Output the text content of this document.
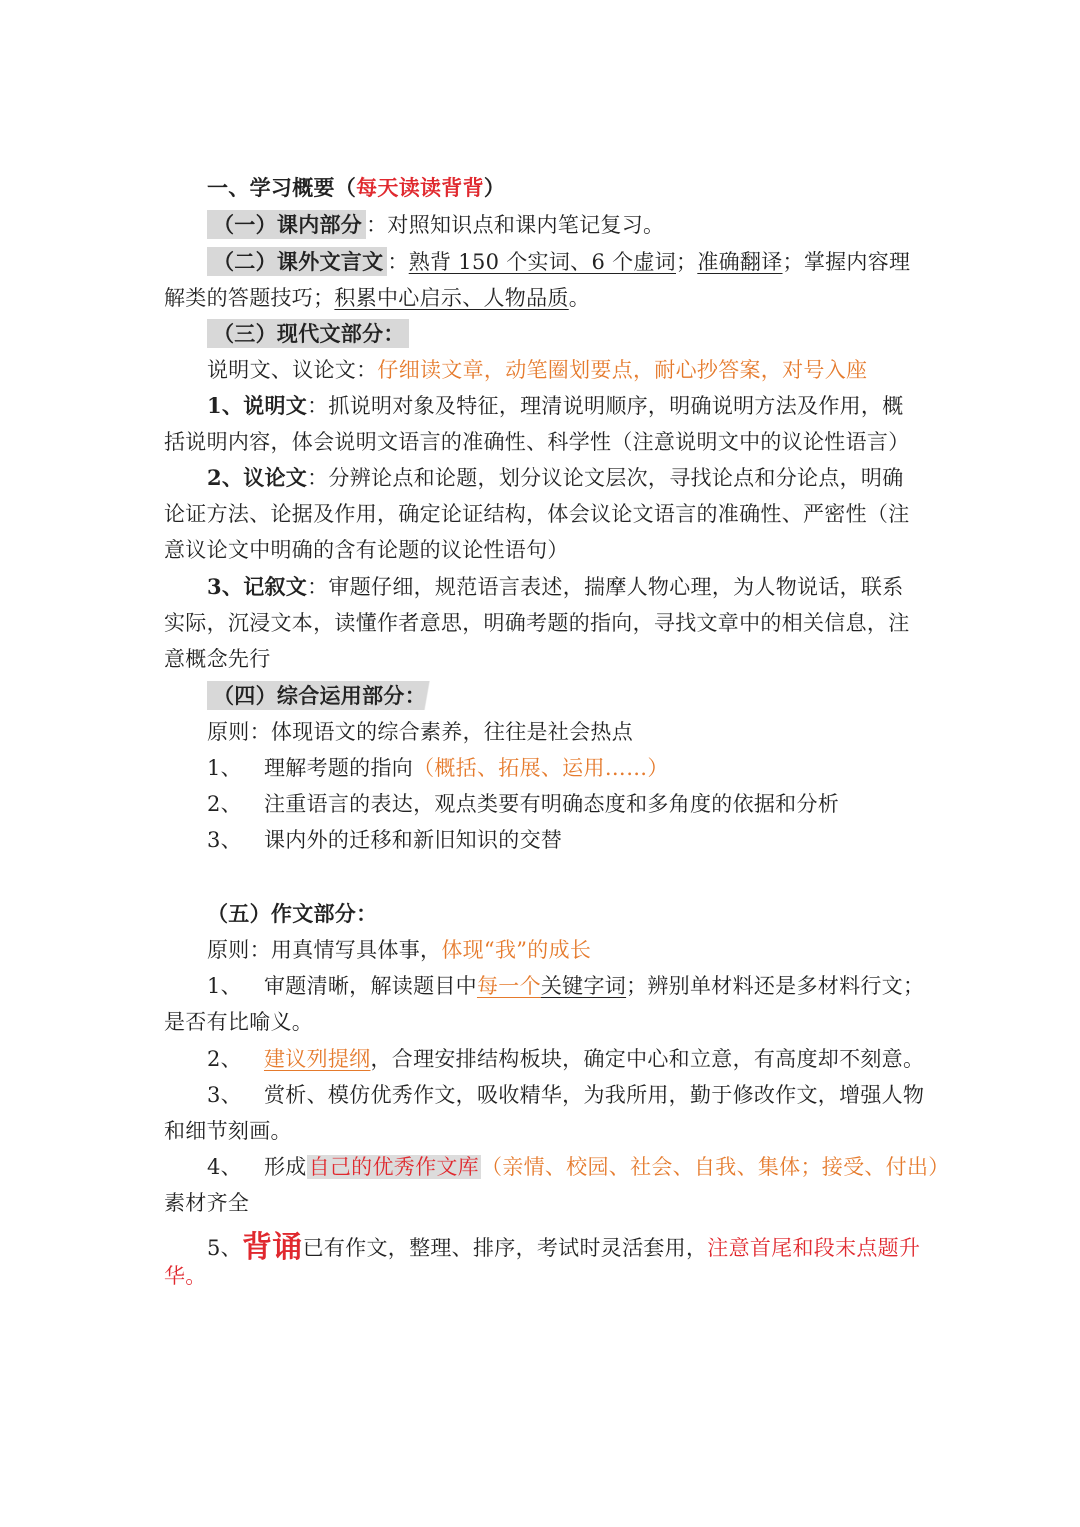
一、学习概要（每天读读背背）
（一）课内部分 ：对照知识点和课内笔记复习。
（二）课外文言文 ：熟背 150 个实词、6 个虚词；准确翻译；掌握内容理
解类的答题技巧；积累中心启示、人物品质。
（三）现代文部分：
说明文、议论文：仔细读文章，动笔圈划要点，耐心抄答案，对号入座
1、说明文：抓说明对象及特征，理清说明顺序，明确说明方法及作用，概
括说明内容，体会说明文语言的准确性、科学性（注意说明文中的议论性语言）
2、议论文：分辨论点和论题，划分议论文层次，寻找论点和分论点，明确
论证方法、论据及作用，确定论证结构，体会议论文语言的准确性、严密性（注
意议论文中明确的含有论题的议论性语句）
3、记叙文：审题仔细，规范语言表述，揣摩人物心理，为人物说话，联系
实际，沉浸文本，读懂作者意思，明确考题的指向，寻找文章中的相关信息，注
意概念先行
（四）综合运用部分：
原则：体现语文的综合素养，往往是社会热点
1、 理解考题的指向（概括、拓展、运用……）
2、 注重语言的表达，观点类要有明确态度和多角度的依据和分析
3、 课内外的迁移和新旧知识的交替
（五）作文部分：
原则：用真情写具体事，体现“我”的成长
1、 审题清晰，解读题目中每一个关键字词；辨别单材料还是多材料行文；
是否有比喻义。
2、 建议列提纲，合理安排结构板块，确定中心和立意，有高度却不刻意。
3、 赏析、模仿优秀作文，吸收精华，为我所用，勤于修改作文，增强人物
和细节刻画。
4、 形成自己的优秀作文库（亲情、校园、社会、自我、集体；接受、付出）
素材齐全
5、背诵已有作文，整理、排序，考试时灵活套用，注意首尾和段末点题升
华。
